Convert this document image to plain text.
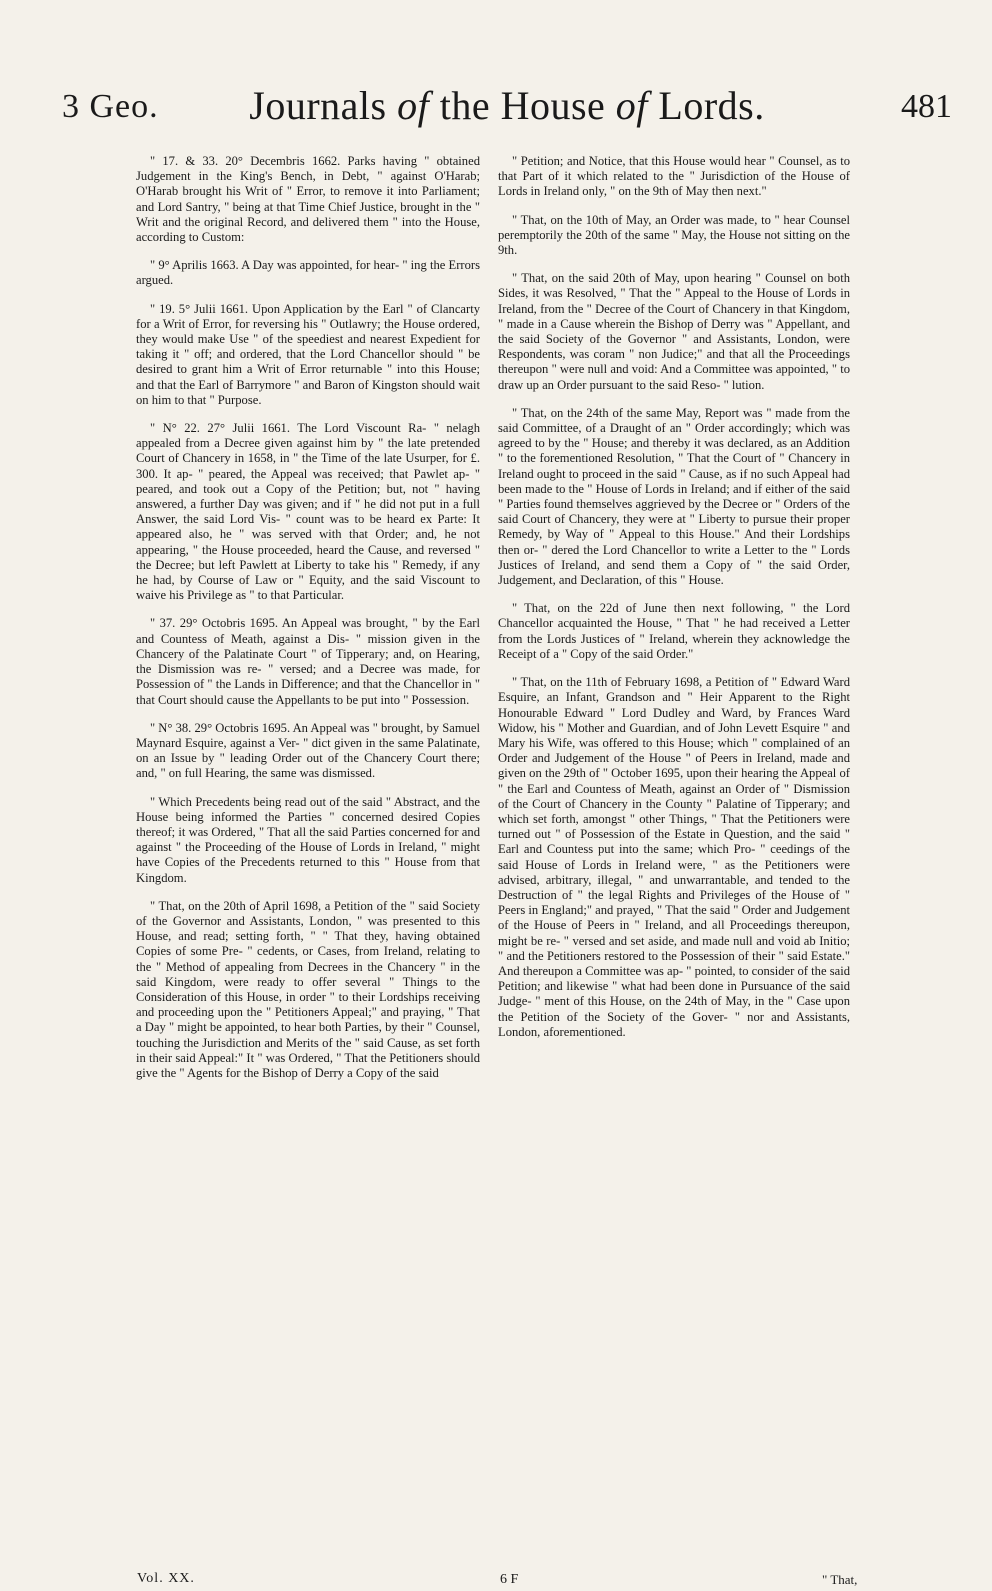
3 Geo.	Journals of the House of Lords.	481

" 17. & 33. 20° Decembris 1662. Parks having " obtained Judgement in the King's Bench, in Debt, " against O'Harab; O'Harab brought his Writ of " Error, to remove it into Parliament; and Lord Santry, " being at that Time Chief Justice, brought in the " Writ and the original Record, and delivered them " into the House, according to Custom:

" 9° Aprilis 1663. A Day was appointed, for hear- " ing the Errors argued.

" 19. 5° Julii 1661. Upon Application by the Earl " of Clancarty for a Writ of Error, for reversing his " Outlawry; the House ordered, they would make Use " of the speediest and nearest Expedient for taking it " off; and ordered, that the Lord Chancellor should " be desired to grant him a Writ of Error returnable " into this House; and that the Earl of Barrymore " and Baron of Kingston should wait on him to that " Purpose.

" N° 22. 27° Julii 1661. The Lord Viscount Ra- " nelagh appealed from a Decree given against him by " the late pretended Court of Chancery in 1658, in " the Time of the late Usurper, for £. 300. It ap- " peared, the Appeal was received; that Pawlet ap- " peared, and took out a Copy of the Petition; but, not " having answered, a further Day was given; and if " he did not put in a full Answer, the said Lord Vis- " count was to be heard ex Parte: It appeared also, he " was served with that Order; and, he not appearing, " the House proceeded, heard the Cause, and reversed " the Decree; but left Pawlett at Liberty to take his " Remedy, if any he had, by Course of Law or " Equity, and the said Viscount to waive his Privilege as " to that Particular.

" 37. 29° Octobris 1695. An Appeal was brought, " by the Earl and Countess of Meath, against a Dis- " mission given in the Chancery of the Palatinate Court " of Tipperary; and, on Hearing, the Dismission was re- " versed; and a Decree was made, for Possession of " the Lands in Difference; and that the Chancellor in " that Court should cause the Appellants to be put into " Possession.

" N° 38. 29° Octobris 1695. An Appeal was " brought, by Samuel Maynard Esquire, against a Ver- " dict given in the same Palatinate, on an Issue by " leading Order out of the Chancery Court there; and, " on full Hearing, the same was dismissed.

" Which Precedents being read out of the said " Abstract, and the House being informed the Parties " concerned desired Copies thereof; it was Ordered, " That all the said Parties concerned for and against " the Proceeding of the House of Lords in Ireland, " might have Copies of the Precedents returned to this " House from that Kingdom.

" That, on the 20th of April 1698, a Petition of the " said Society of the Governor and Assistants, London, " was presented to this House, and read; setting forth, " " That they, having obtained Copies of some Pre- " cedents, or Cases, from Ireland, relating to the " Method of appealing from Decrees in the Chancery " in the said Kingdom, were ready to offer several " Things to the Consideration of this House, in order " to their Lordships receiving and proceeding upon the " Petitioners Appeal;" and praying, " That a Day " might be appointed, to hear both Parties, by their " Counsel, touching the Jurisdiction and Merits of the " said Cause, as set forth in their said Appeal:" It " was Ordered, " That the Petitioners should give the " Agents for the Bishop of Derry a Copy of the said

" Petition; and Notice, that this House would hear " Counsel, as to that Part of it which related to the " Jurisdiction of the House of Lords in Ireland only, " on the 9th of May then next."

" That, on the 10th of May, an Order was made, to " hear Counsel peremptorily the 20th of the same " May, the House not sitting on the 9th.

" That, on the said 20th of May, upon hearing " Counsel on both Sides, it was Resolved, " That the " Appeal to the House of Lords in Ireland, from the " Decree of the Court of Chancery in that Kingdom, " made in a Cause wherein the Bishop of Derry was " Appellant, and the said Society of the Governor " and Assistants, London, were Respondents, was coram " non Judice;" and that all the Proceedings thereupon " were null and void: And a Committee was appointed, " to draw up an Order pursuant to the said Reso- " lution.

" That, on the 24th of the same May, Report was " made from the said Committee, of a Draught of an " Order accordingly; which was agreed to by the " House; and thereby it was declared, as an Addition " to the forementioned Resolution, " That the Court of " Chancery in Ireland ought to proceed in the said " Cause, as if no such Appeal had been made to the " House of Lords in Ireland; and if either of the said " Parties found themselves aggrieved by the Decree or " Orders of the said Court of Chancery, they were at " Liberty to pursue their proper Remedy, by Way of " Appeal to this House." And their Lordships then or- " dered the Lord Chancellor to write a Letter to the " Lords Justices of Ireland, and send them a Copy of " the said Order, Judgement, and Declaration, of this " House.

" That, on the 22d of June then next following, " the Lord Chancellor acquainted the House, " That " he had received a Letter from the Lords Justices of " Ireland, wherein they acknowledge the Receipt of a " Copy of the said Order."

" That, on the 11th of February 1698, a Petition of " Edward Ward Esquire, an Infant, Grandson and " Heir Apparent to the Right Honourable Edward " Lord Dudley and Ward, by Frances Ward Widow, his " Mother and Guardian, and of John Levett Esquire " and Mary his Wife, was offered to this House; which " complained of an Order and Judgement of the House " of Peers in Ireland, made and given on the 29th of " October 1695, upon their hearing the Appeal of " the Earl and Countess of Meath, against an Order of " Dismission of the Court of Chancery in the County " Palatine of Tipperary; and which set forth, amongst " other Things, " That the Petitioners were turned out " of Possession of the Estate in Question, and the said " Earl and Countess put into the same; which Pro- " ceedings of the said House of Lords in Ireland were, " as the Petitioners were advised, arbitrary, illegal, " and unwarrantable, and tended to the Destruction of " the legal Rights and Privileges of the House of " Peers in England;" and prayed, " That the said " Order and Judgement of the House of Peers in " Ireland, and all Proceedings thereupon, might be re- " versed and set aside, and made null and void ab Initio; " and the Petitioners restored to the Possession of their " said Estate." And thereupon a Committee was ap- " pointed, to consider of the said Petition; and likewise " what had been done in Pursuance of the said Judge- " ment of this House, on the 24th of May, in the " Case upon the Petition of the Society of the Gover- " nor and Assistants, London, aforementioned.

Vol. XX.	6 F	" That,
